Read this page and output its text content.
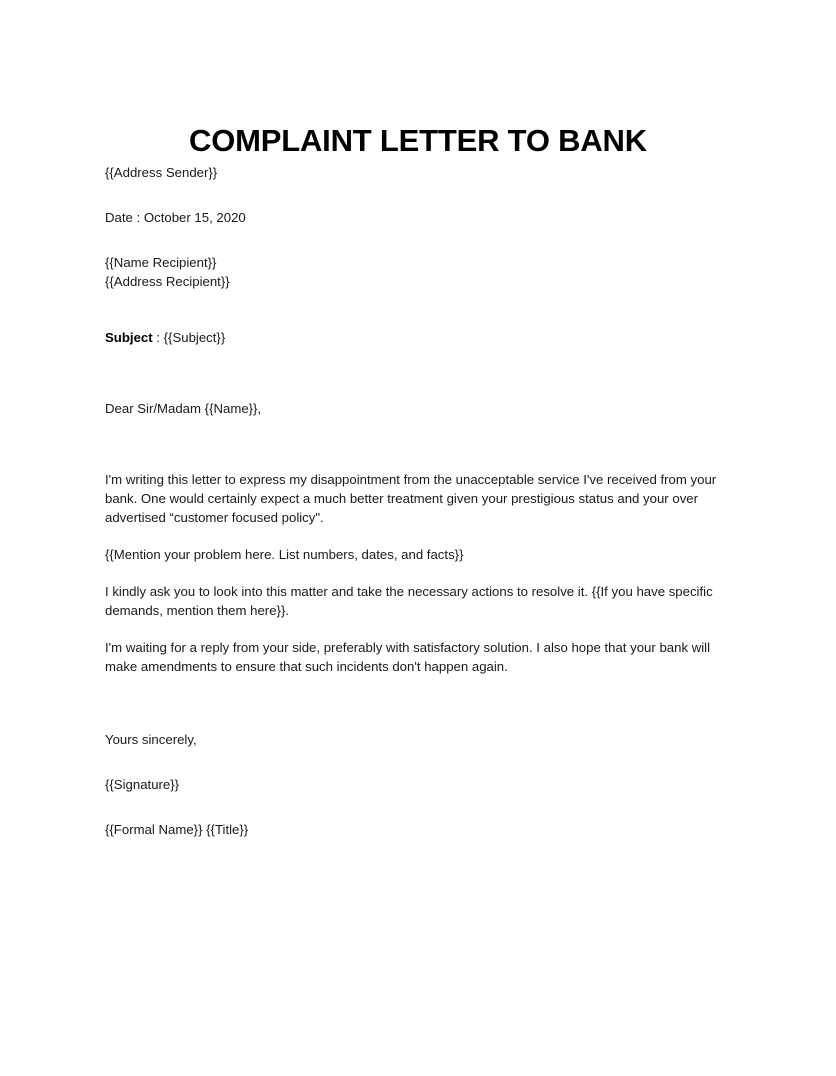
COMPLAINT LETTER TO BANK
{{Address Sender}}
Date : October 15, 2020
{{Name Recipient}}
{{Address Recipient}}
Subject : {{Subject}}
Dear Sir/Madam {{Name}},
I'm writing this letter to express my disappointment from the unacceptable service I've received from your bank. One would certainly expect a much better treatment given your prestigious status and your over advertised “customer focused policy".
{{Mention your problem here. List numbers, dates, and facts}}
I kindly ask you to look into this matter and take the necessary actions to resolve it. {{If you have specific demands, mention them here}}.
I'm waiting for a reply from your side, preferably with satisfactory solution. I also hope that your bank will make amendments to ensure that such incidents don't happen again.
Yours sincerely,
{{Signature}}
{{Formal Name}} {{Title}}
